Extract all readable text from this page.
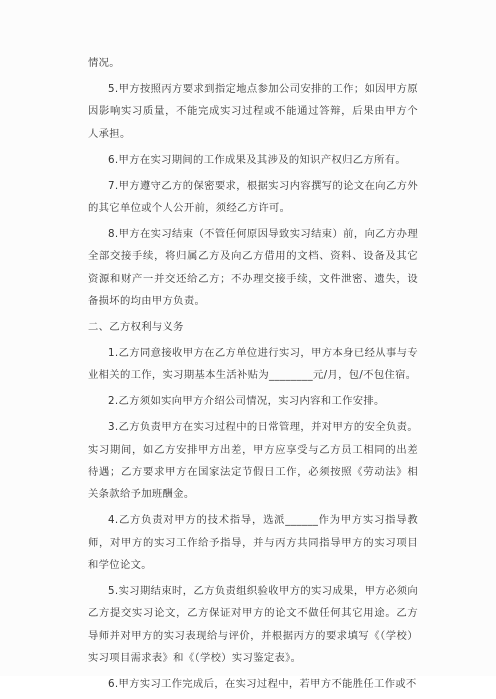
情况。

5.甲方按照丙方要求到指定地点参加公司安排的工作；如因甲方原因影响实习质量，不能完成实习过程或不能通过答辩，后果由甲方个人承担。

6.甲方在实习期间的工作成果及其涉及的知识产权归乙方所有。

7.甲方遵守乙方的保密要求，根据实习内容撰写的论文在向乙方外的其它单位或个人公开前，须经乙方许可。

8.甲方在实习结束（不管任何原因导致实习结束）前，向乙方办理全部交接手续，将归属乙方及向乙方借用的文档、资料、设备及其它资源和财产一并交还给乙方；不办理交接手续，文件泄密、遗失，设备损坏的均由甲方负责。

二、乙方权利与义务

1.乙方同意接收甲方在乙方单位进行实习，甲方本身已经从事与专业相关的工作，实习期基本生活补贴为________元/月，包/不包住宿。

2.乙方须如实向甲方介绍公司情况，实习内容和工作安排。

3.乙方负责甲方在实习过程中的日常管理，并对甲方的安全负责。实习期间，如乙方安排甲方出差，甲方应享受与乙方员工相同的出差待遇；乙方要求甲方在国家法定节假日工作，必须按照《劳动法》相关条款给予加班酬金。

4.乙方负责对甲方的技术指导，选派______作为甲方实习指导教师，对甲方的实习工作给予指导，并与丙方共同指导甲方的实习项目和学位论文。

5.实习期结束时，乙方负责组织验收甲方的实习成果，甲方必须向乙方提交实习论文，乙方保证对甲方的论文不做任何其它用途。乙方导师并对甲方的实习表现给与评价，并根据丙方的要求填写《（学校）实习项目需求表》和《（学校）实习鉴定表》。

6.甲方实习工作完成后，在实习过程中，若甲方不能胜任工作或不
